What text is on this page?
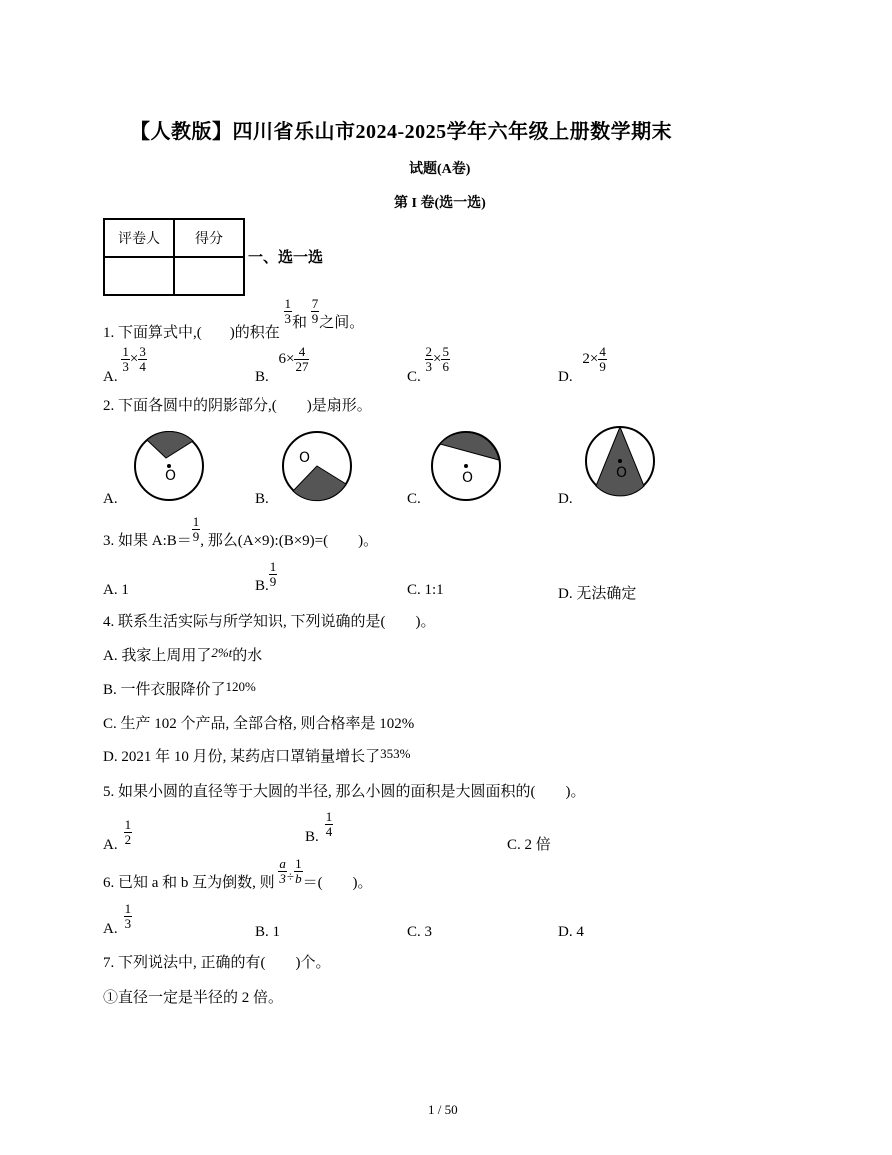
【人教版】四川省乐山市2024-2025学年六年级上册数学期末
试题(A卷)
第 I 卷(选一选)
评卷人	得分

一、选一选
1. 下面算式中,( )的积在
$\frac{1}{3}$ 和 $\frac{7}{9}$ 之间。
A.
$\frac{1}{3} \times \frac{3}{4}$
B. $6\times \frac{4}{27}$
C.
$\frac{2}{3} \times \frac{5}{6}$
D. $2\times \frac{4}{9}$
2. 下面各圆中的阴影部分,(　　)是扇形。
A.
O
B.
O
C.
O
D.
O
3. 如果 A:B＝ $\frac{1}{9}$ , 那么(A×9):(B×9)=(　　)。
A. 1	B. $\frac{1}{9}$
C. 1:1	D. 无法确定
4. 联系生活实际与所学知识, 下列说确的是(　　)。
A. 我家上周用了2%t的水
B. 一件衣服降价了120%
C. 生产 102 个产品, 全部合格, 则合格率是 102%
D. 2021 年 10 月份, 某药店口罩销量增长了353%
5. 如果小圆的直径等于大圆的半径, 那么小圆的面积是大圆面积的(　　)。
A. $\frac{1}{2}$	B. $\frac{1}{4}$
C. 2 倍
6. 已知 a 和 b 互为倒数, 则 $\frac{a}{3} \div \frac{1}{b}$ ＝(　　)。
A. $\frac{1}{3}$
B. 1	C. 3	D. 4
7. 下列说法中, 正确的有(　　)个。
①直径一定是半径的 2 倍。
1 / 50
